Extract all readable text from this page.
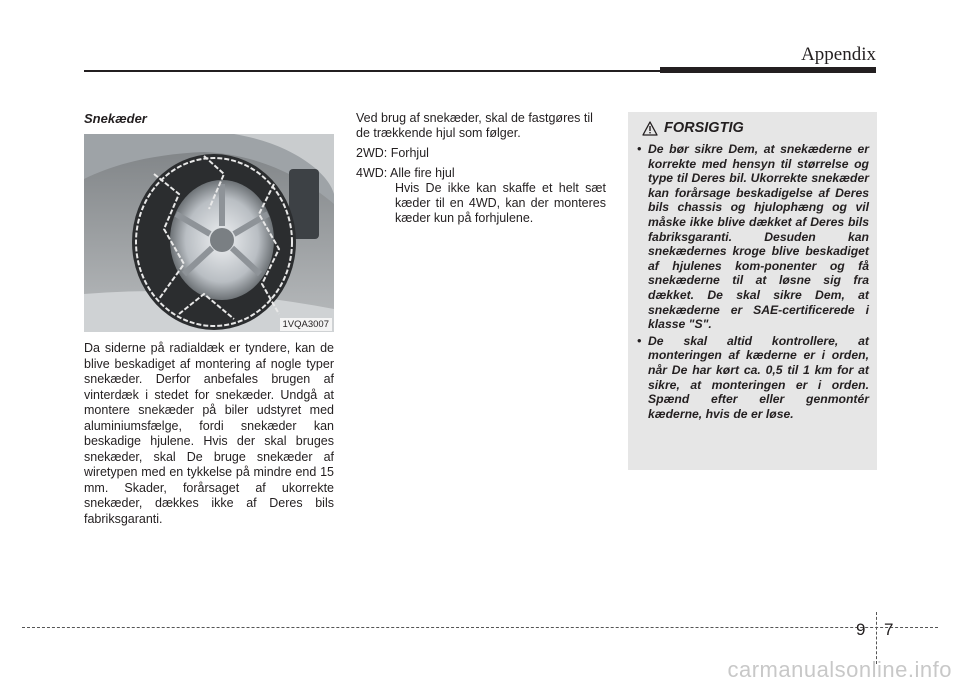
Appendix
Snekæder
1VQA3007
Da siderne på radialdæk er tyndere, kan de blive beskadiget af montering af nogle typer snekæder. Derfor anbefales brugen af vinterdæk i stedet for snekæder. Undgå at montere snekæder på biler udstyret med aluminiumsfælge, fordi snekæder kan beskadige hjulene. Hvis der skal bruges snekæder, skal De bruge snekæder af wiretypen med en tykkelse på mindre end 15 mm. Skader, forårsaget af ukorrekte snekæder, dækkes ikke af Deres bils fabriksgaranti.

Ved brug af snekæder, skal de fastgøres til de trækkende hjul som følger.

2WD: Forhjul

4WD: Alle fire hjul

Hvis De ikke kan skaffe et helt sæt kæder til en 4WD, kan der monteres kæder kun på forhjulene.

FORSIGTIG
• De bør sikre Dem, at snekæderne er korrekte med hensyn til størrelse og type til Deres bil. Ukorrekte snekæder kan forårsage beskadigelse af Deres bils chassis og hjulophæng og vil måske ikke blive dækket af Deres bils fabriksgaranti. Desuden kan snekædernes kroge blive beskadiget af hjulenes kom-ponenter og få snekæderne til at løsne sig fra dækket. De skal sikre Dem, at snekæderne er SAE-certificerede i klasse "S".
• De skal altid kontrollere, at monteringen af kæderne er i orden, når De har kørt ca. 0,5 til 1 km for at sikre, at monteringen er i orden. Spænd efter eller genmontér kæderne, hvis de er løse.
9 7
carmanualsonline.info
